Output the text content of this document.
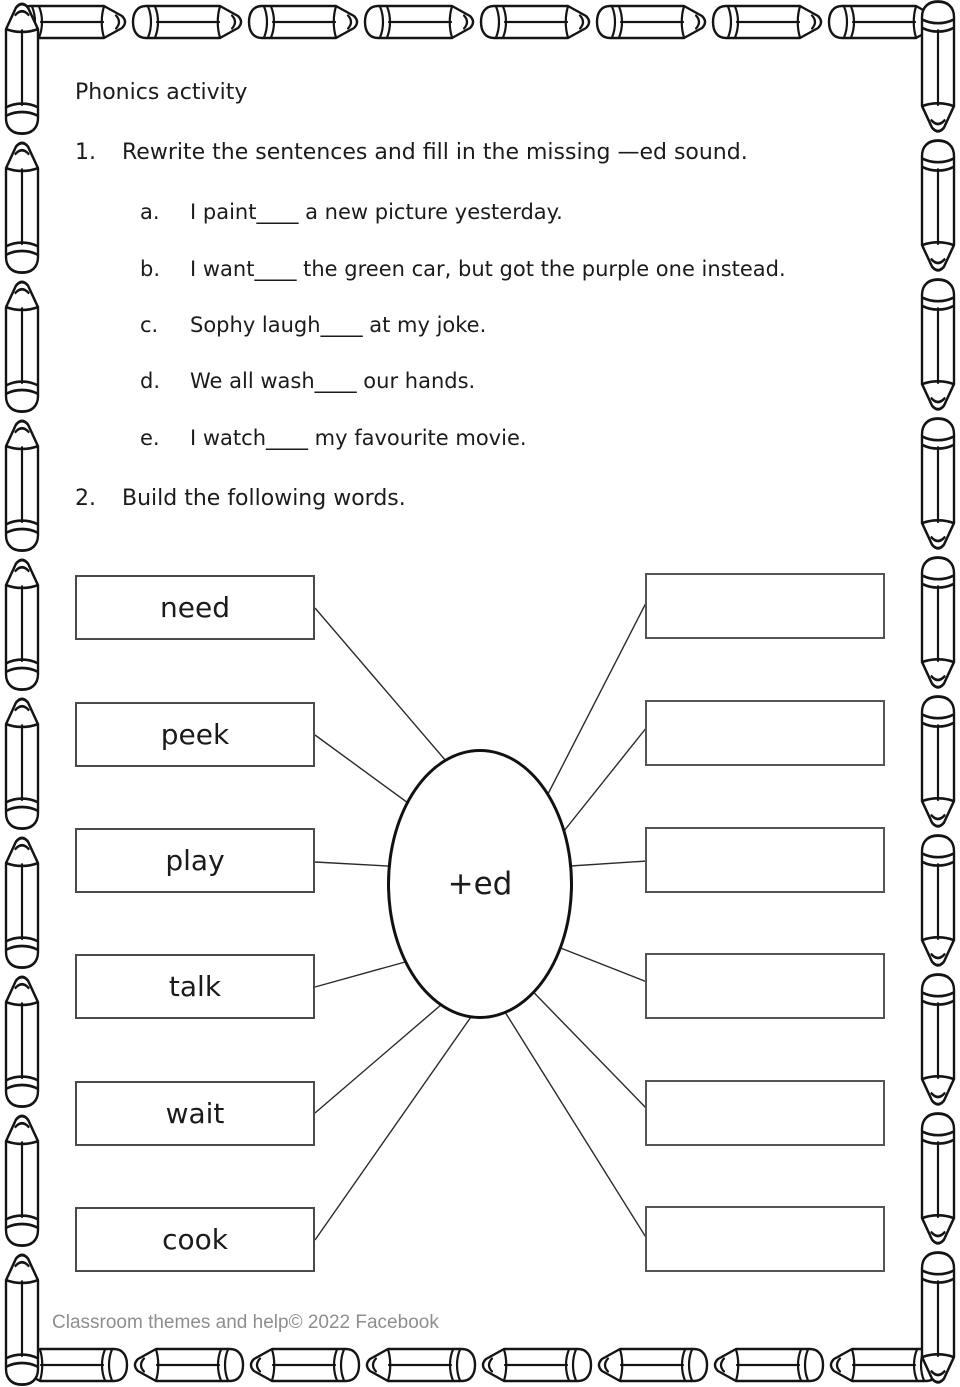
Phonics activity
1.	Rewrite the sentences and fill in the missing —ed sound.
a.	I paint____ a new picture yesterday.
b.	I want____ the green car, but got the purple one instead.
c.	Sophy laugh____ at my joke.
d.	We all wash____ our hands.
e.	I watch____ my favourite movie.
2.	Build the following words.
need
peek
play
talk
wait
cook
+ed
Classroom themes and help© 2022 Facebook
